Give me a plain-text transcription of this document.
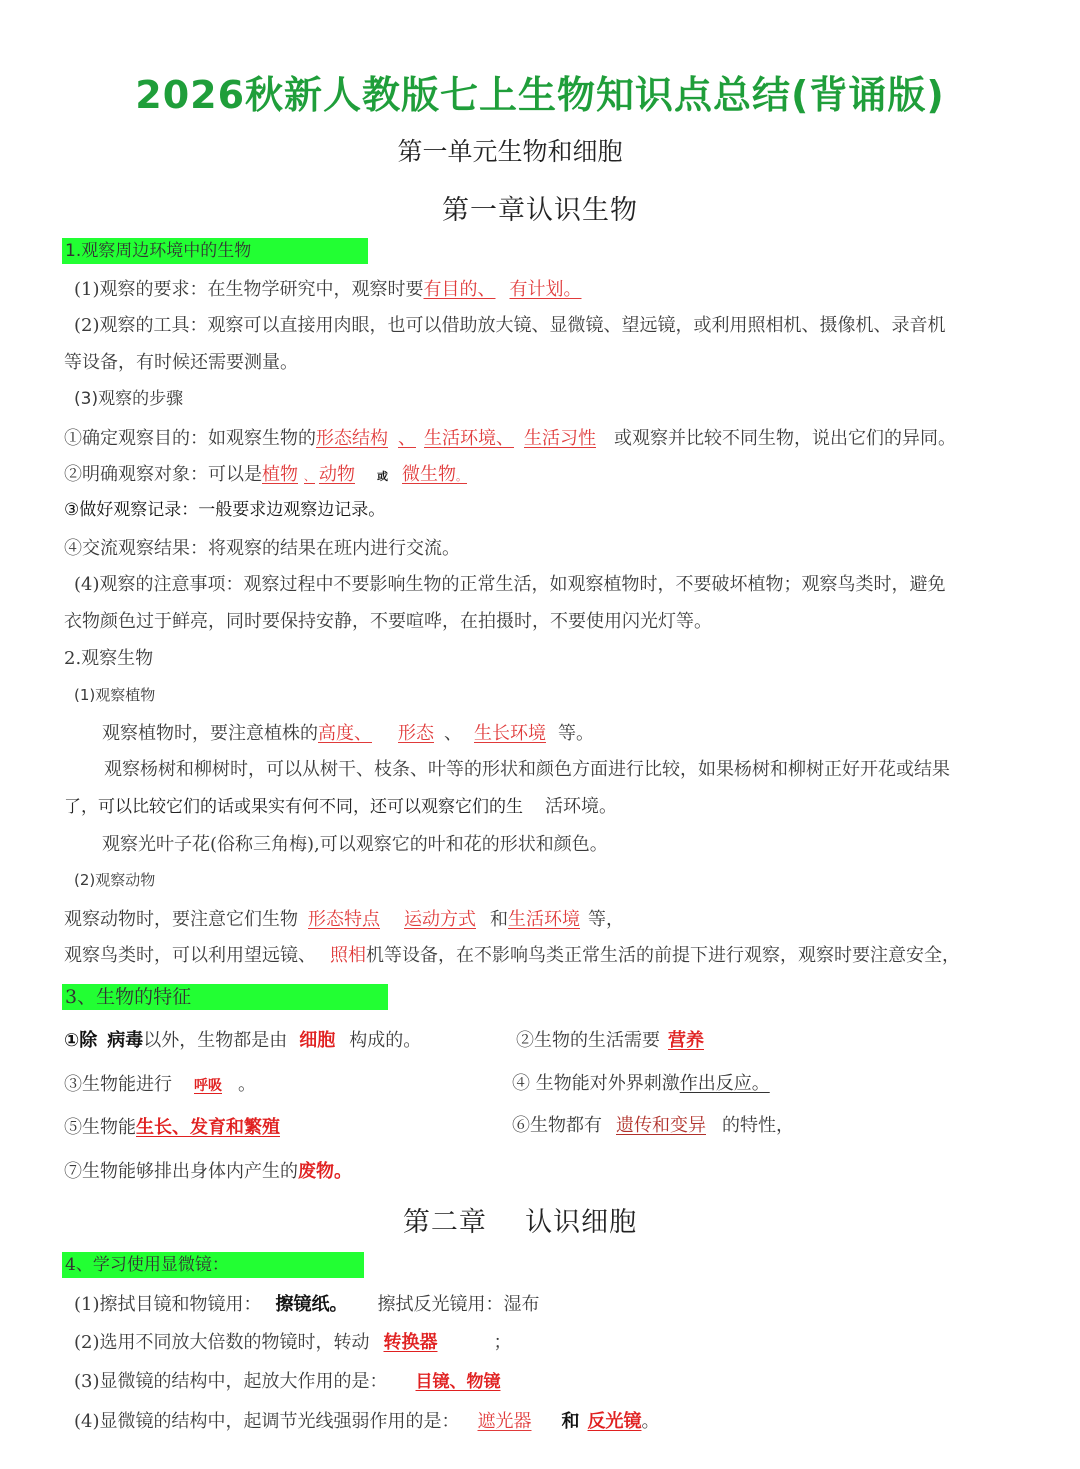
2026秋新人教版七上生物知识点总结(背诵版)
第一单元生物和细胞
第一章认识生物
1.观察周边环境中的生物
(1)观察的要求：在生物学研究中，观察时要有目的、 有计划。
(2)观察的工具：观察可以直接用肉眼，也可以借助放大镜、显微镜、望远镜，或利用照相机、摄像机、录音机
等设备，有时候还需要测量。
(3)观察的步骤
①确定观察目的：如观察生物的形态结构 、 生活环境、 生活习性 或观察并比较不同生物，说出它们的异同。
②明确观察对象：可以是植物 、 动物 或 微生物。
③做好观察记录：一般要求边观察边记录。
④交流观察结果：将观察的结果在班内进行交流。
(4)观察的注意事项：观察过程中不要影响生物的正常生活，如观察植物时，不要破坏植物；观察鸟类时，避免
衣物颜色过于鲜亮，同时要保持安静，不要喧哗，在拍摄时，不要使用闪光灯等。
2.观察生物
(1)观察植物
观察植物时，要注意植株的高度、 形态 、 生长环境 等。
观察杨树和柳树时，可以从树干、枝条、叶等的形状和颜色方面进行比较，如果杨树和柳树正好开花或结果
了，可以比较它们的话或果实有何不同，还可以观察它们的生 活环境。
观察光叶子花(俗称三角梅),可以观察它的叶和花的形状和颜色。
(2)观察动物
观察动物时，要注意它们生物 形态特点 运动方式 和生活环境 等，
观察鸟类时，可以利用望远镜、 照相机等设备，在不影响鸟类正常生活的前提下进行观察，观察时要注意安全，
3、生物的特征
①除 病毒以外，生物都是由 细胞 构成的。	②生物的生活需要 营养
③生物能进行 呼吸 。	④ 生物能对外界刺激作出反应。
⑤生物能生长、发育和繁殖	⑥生物都有 遗传和变异 的特性，
⑦生物能够排出身体内产生的废物。
第二章    认识细胞
4、学习使用显微镜：
(1)擦拭目镜和物镜用： 擦镜纸。 擦拭反光镜用：湿布
(2)选用不同放大倍数的物镜时，转动 转换器	；
(3)显微镜的结构中，起放大作用的是： 目镜、物镜
(4)显微镜的结构中，起调节光线强弱作用的是： 遮光器 和 反光镜。
